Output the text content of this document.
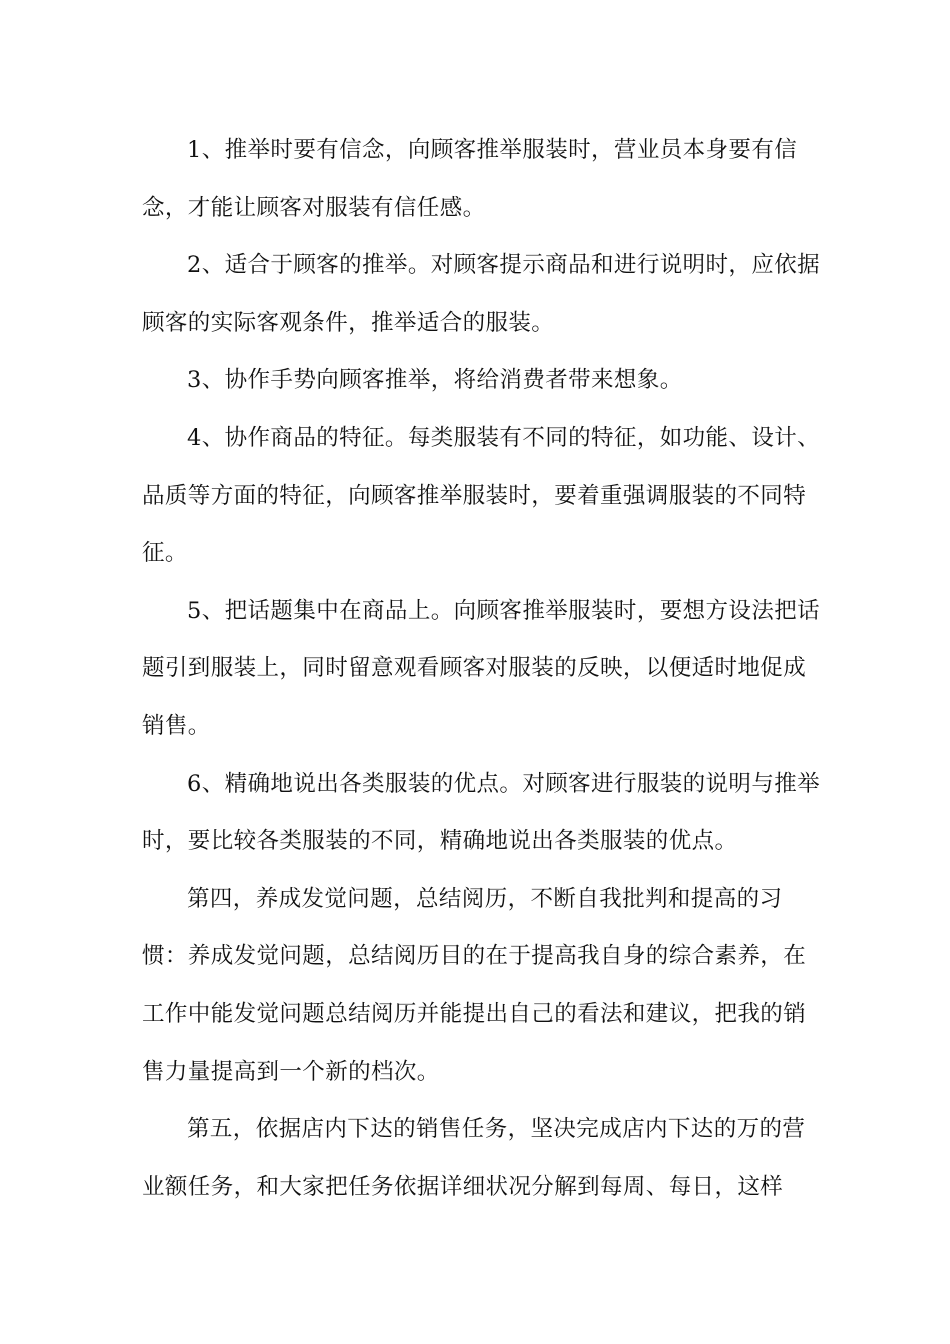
1、推举时要有信念，向顾客推举服装时，营业员本身要有信念，才能让顾客对服装有信任感。

2、适合于顾客的推举。对顾客提示商品和进行说明时，应依据顾客的实际客观条件，推举适合的服装。

3、协作手势向顾客推举，将给消费者带来想象。

4、协作商品的特征。每类服装有不同的特征，如功能、设计、品质等方面的特征，向顾客推举服装时，要着重强调服装的不同特征。

5、把话题集中在商品上。向顾客推举服装时，要想方设法把话题引到服装上，同时留意观看顾客对服装的反映，以便适时地促成销售。

6、精确地说出各类服装的优点。对顾客进行服装的说明与推举时，要比较各类服装的不同，精确地说出各类服装的优点。

第四，养成发觉问题，总结阅历，不断自我批判和提高的习惯：养成发觉问题，总结阅历目的在于提高我自身的综合素养，在工作中能发觉问题总结阅历并能提出自己的看法和建议，把我的销售力量提高到一个新的档次。

第五，依据店内下达的销售任务，坚决完成店内下达的万的营业额任务，和大家把任务依据详细状况分解到每周、每日，这样
